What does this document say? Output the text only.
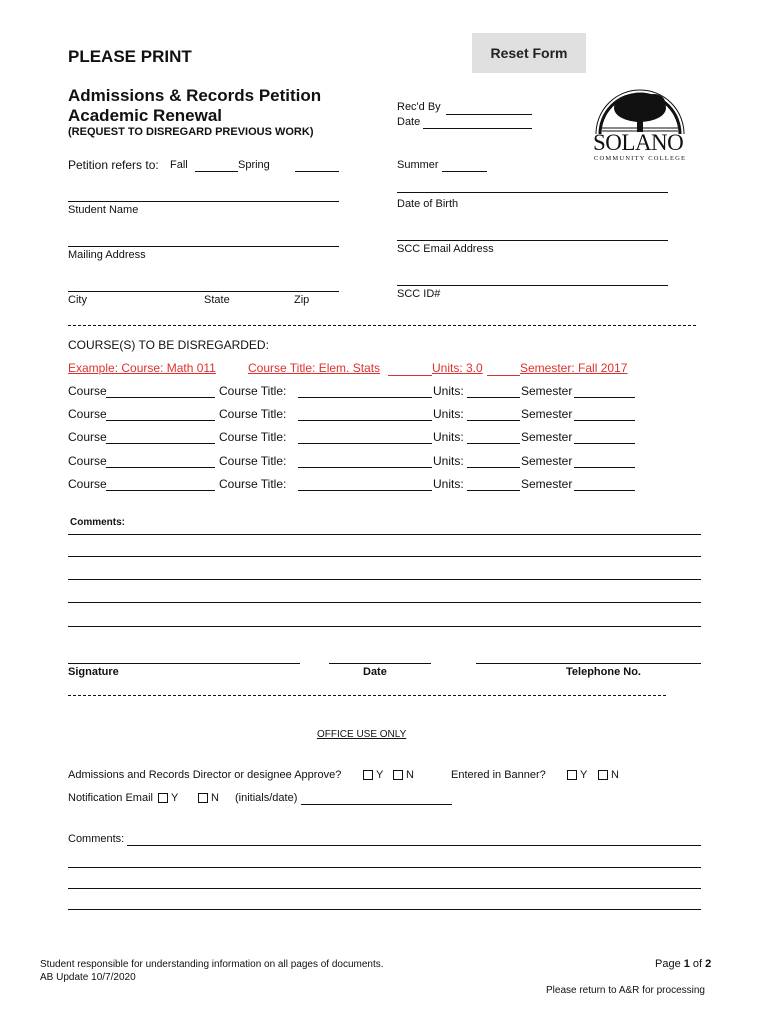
PLEASE PRINT	Reset Form
Admissions & Records Petition
Academic Renewal
(REQUEST TO DISREGARD PREVIOUS WORK)
Rec'd By
Date
SOLANO
COMMUNITY COLLEGE
Petition refers to: Fall	Spring	Summer
Student Name	Date of Birth
Mailing Address	SCC Email Address
City	State	Zip	SCC ID#
COURSE(S) TO BE DISREGARDED:
Example: Course: Math 011	Course Title: Elem. Stats	Units: 3.0	Semester: Fall 2017
Course	Course Title:	Units:	Semester
Course	Course Title:	Units:	Semester
Course	Course Title:	Units:	Semester
Course	Course Title:	Units:	Semester
Course	Course Title:	Units:	Semester
Comments:
Signature	Date	Telephone No.
OFFICE USE ONLY
Admissions and Records Director or designee Approve?	Y	N	Entered in Banner?	Y	N
Notification Email	Y	N (initials/date)
Comments:
Student responsible for understanding information on all pages of documents.
AB Update 10/7/2020
Page 1 of 2
Please return to A&R for processing
